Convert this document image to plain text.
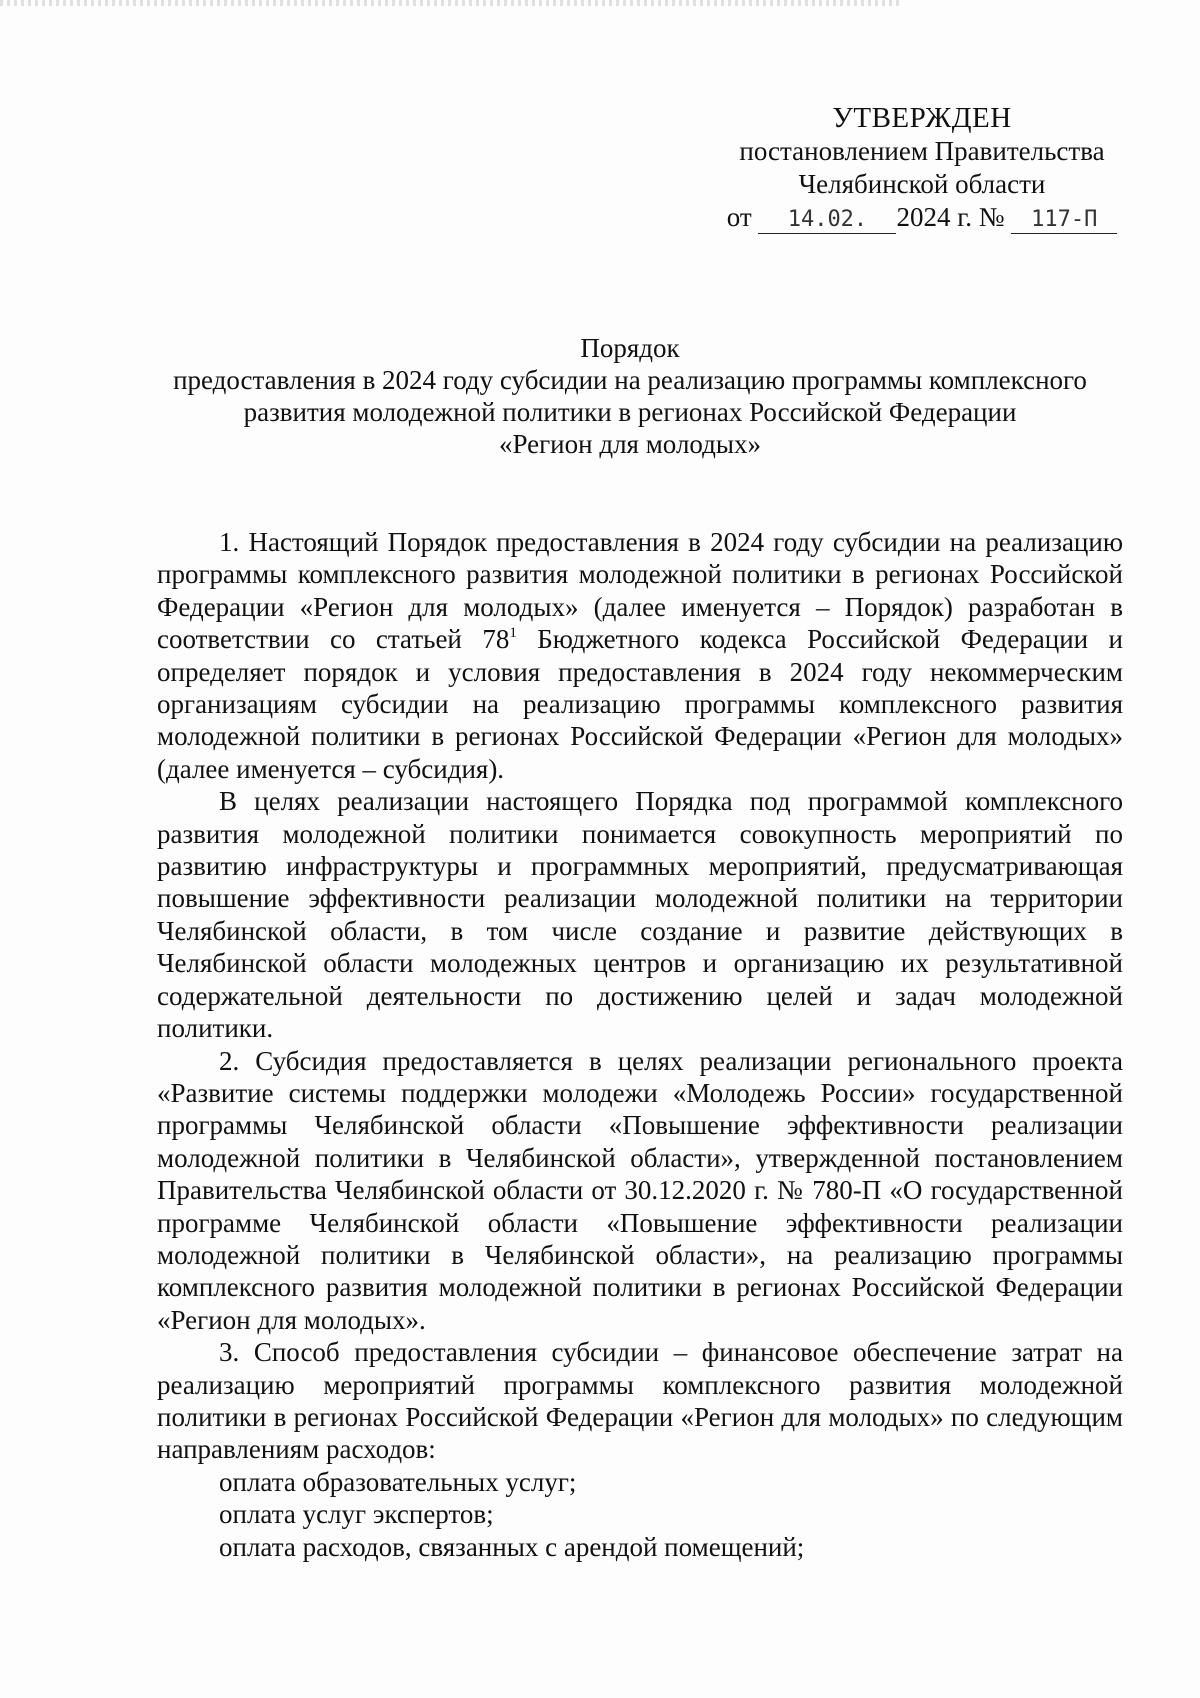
УТВЕРЖДЕН
постановлением Правительства
Челябинской области
от 14.02. 2024 г. № 117-П
Порядок
предоставления в 2024 году субсидии на реализацию программы комплексного
развития молодежной политики в регионах Российской Федерации
«Регион для молодых»

1. Настоящий Порядок предоставления в 2024 году субсидии на реализацию программы комплексного развития молодежной политики в регионах Российской Федерации «Регион для молодых» (далее именуется – Порядок) разработан в соответствии со статьей $78^1$ Бюджетного кодекса Российской Федерации и определяет порядок и условия предоставления в 2024 году некоммерческим организациям субсидии на реализацию программы комплексного развития молодежной политики в регионах Российской Федерации «Регион для молодых» (далее именуется – субсидия).

В целях реализации настоящего Порядка под программой комплексного развития молодежной политики понимается совокупность мероприятий по развитию инфраструктуры и программных мероприятий, предусматривающая повышение эффективности реализации молодежной политики на территории Челябинской области, в том числе создание и развитие действующих в Челябинской области молодежных центров и организацию их результативной содержательной деятельности по достижению целей и задач молодежной политики.

2. Субсидия предоставляется в целях реализации регионального проекта «Развитие системы поддержки молодежи «Молодежь России» государственной программы Челябинской области «Повышение эффективности реализации молодежной политики в Челябинской области», утвержденной постановлением Правительства Челябинской области от 30.12.2020 г. № 780-П «О государственной программе Челябинской области «Повышение эффективности реализации молодежной политики в Челябинской области», на реализацию программы комплексного развития молодежной политики в регионах Российской Федерации «Регион для молодых».

3. Способ предоставления субсидии – финансовое обеспечение затрат на реализацию мероприятий программы комплексного развития молодежной политики в регионах Российской Федерации «Регион для молодых» по следующим направлениям расходов:

оплата образовательных услуг;

оплата услуг экспертов;

оплата расходов, связанных с арендой помещений;
